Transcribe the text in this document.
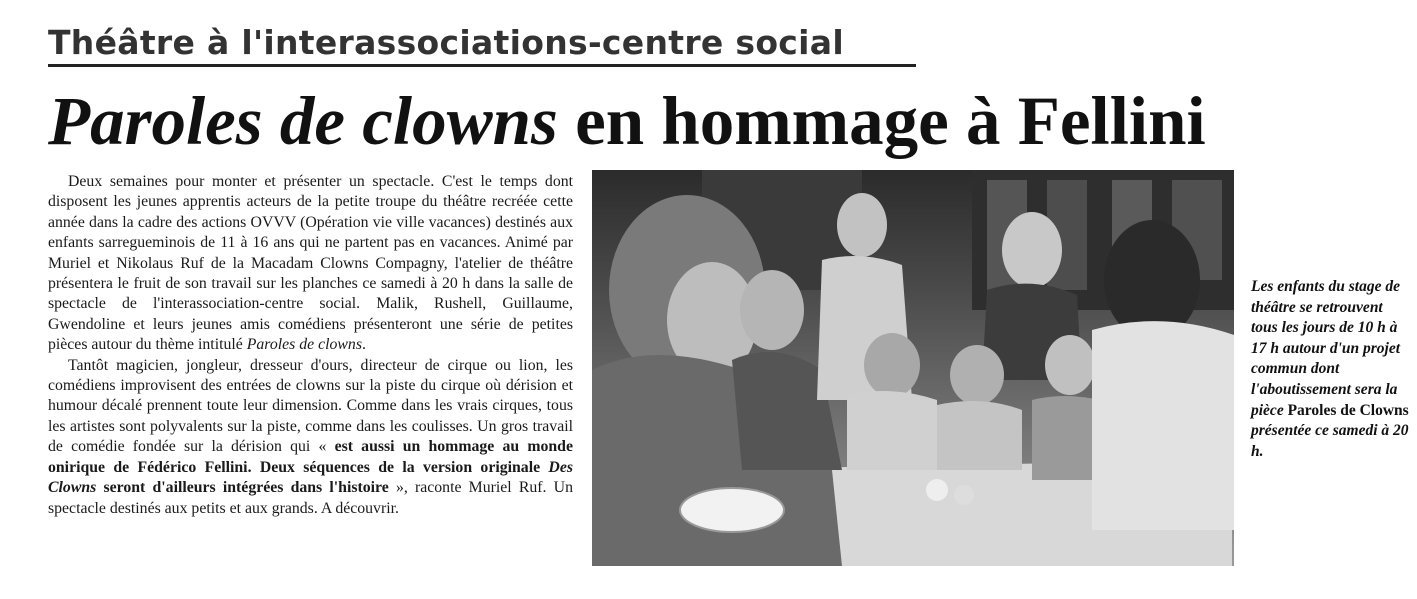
Théâtre à l'interassociations-centre social
Paroles de clowns en hommage à Fellini

Deux semaines pour monter et présenter un spectacle. C'est le temps dont disposent les jeunes apprentis acteurs de la petite troupe du théâtre recréée cette année dans la cadre des actions OVVV (Opération vie ville vacances) destinés aux enfants sarregueminois de 11 à 16 ans qui ne partent pas en vacances. Animé par Muriel et Nikolaus Ruf de la Macadam Clowns Compagny, l'atelier de théâtre présentera le fruit de son travail sur les planches ce samedi à 20 h dans la salle de spectacle de l'interassociation-centre social. Malik, Rushell, Guillaume, Gwendoline et leurs jeunes amis comédiens présenteront une série de petites pièces autour du thème intitulé Paroles de clowns.

Tantôt magicien, jongleur, dresseur d'ours, directeur de cirque ou lion, les comédiens improvisent des entrées de clowns sur la piste du cirque où dérision et humour décalé prennent toute leur dimension. Comme dans les vrais cirques, tous les artistes sont polyvalents sur la piste, comme dans les coulisses. Un gros travail de comédie fondée sur la dérision qui « est aussi un hommage au monde onirique de Fédérico Fellini. Deux séquences de la version originale Des Clowns seront d'ailleurs intégrées dans l'histoire », raconte Muriel Ruf. Un spectacle destinés aux petits et aux grands. A découvrir.

Les enfants du stage de théâtre se retrouvent tous les jours de 10 h à 17 h autour d'un projet commun dont l'aboutissement sera la pièce Paroles de Clowns présentée ce samedi à 20 h.
